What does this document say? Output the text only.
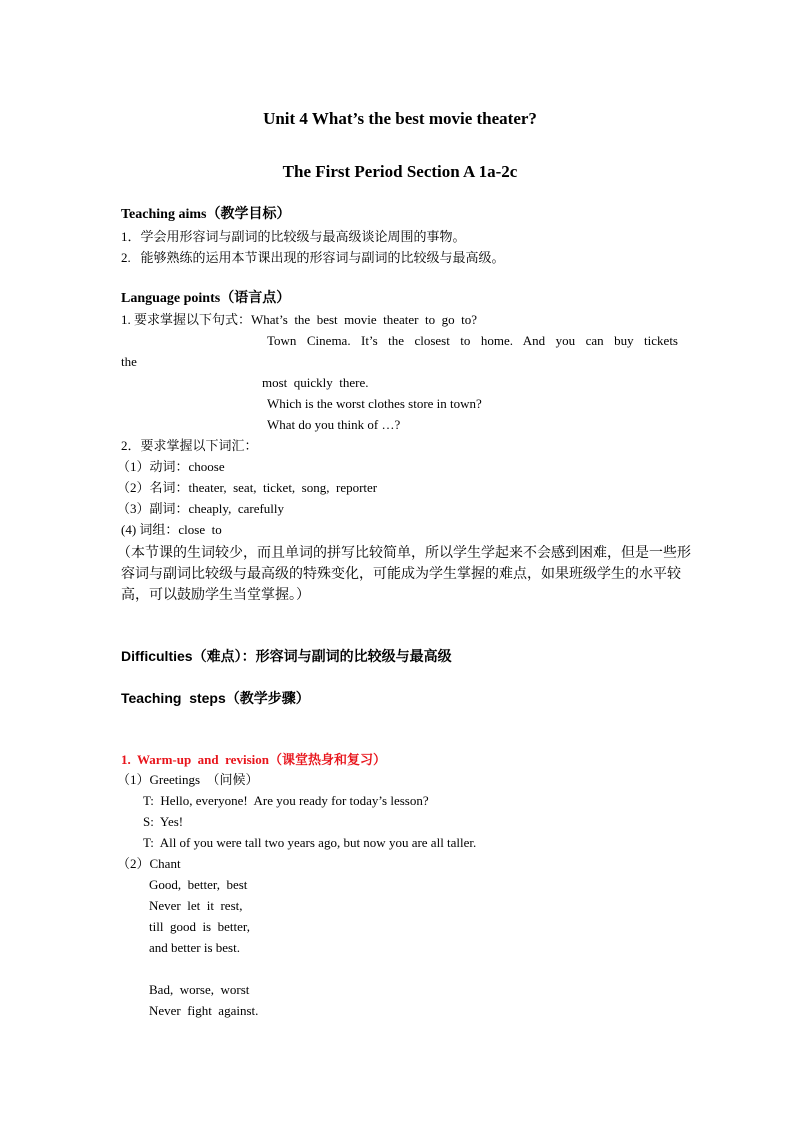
Unit 4 What’s the best movie theater?
The First Period Section A 1a-2c
Teaching aims（教学目标）
1．学会用形容词与副词的比较级与最高级谈论周围的事物。
2.   能够熟练的运用本节课出现的形容词与副词的比较级与最高级。
Language points（语言点）
1. 要求掌握以下句式：What’s  the  best  movie  theater  to  go  to?
Town  Cinema.  It’s  the  closest  to  home.  And  you  can  buy  tickets
the
most  quickly  there.
Which is the worst clothes store in town?
What do you think of …?
2．要求掌握以下词汇：
（1）动词：choose
（2）名词：theater,  seat,  ticket,  song,  reporter
（3）副词：cheaply,  carefully
(4) 词组：close  to
（本节课的生词较少，而且单词的拼写比较简单，所以学生学起来不会感到困难，但是一些形
容词与副词比较级与最高级的特殊变化，可能成为学生掌握的难点，如果班级学生的水平较
高，可以鼓励学生当堂掌握。）
Difficulties（难点）：形容词与副词的比较级与最高级
Teaching  steps（教学步骤）
1.  Warm-up  and  revision（课堂热身和复习）
（1）Greetings  （问候）
T:  Hello, everyone!  Are you ready for today’s lesson?
S:  Yes!
T:  All of you were tall two years ago, but now you are all taller.
（2）Chant
Good,  better,  best
Never  let  it  rest,
till  good  is  better,
and better is best.
Bad,  worse,  worst
Never  fight  against.
